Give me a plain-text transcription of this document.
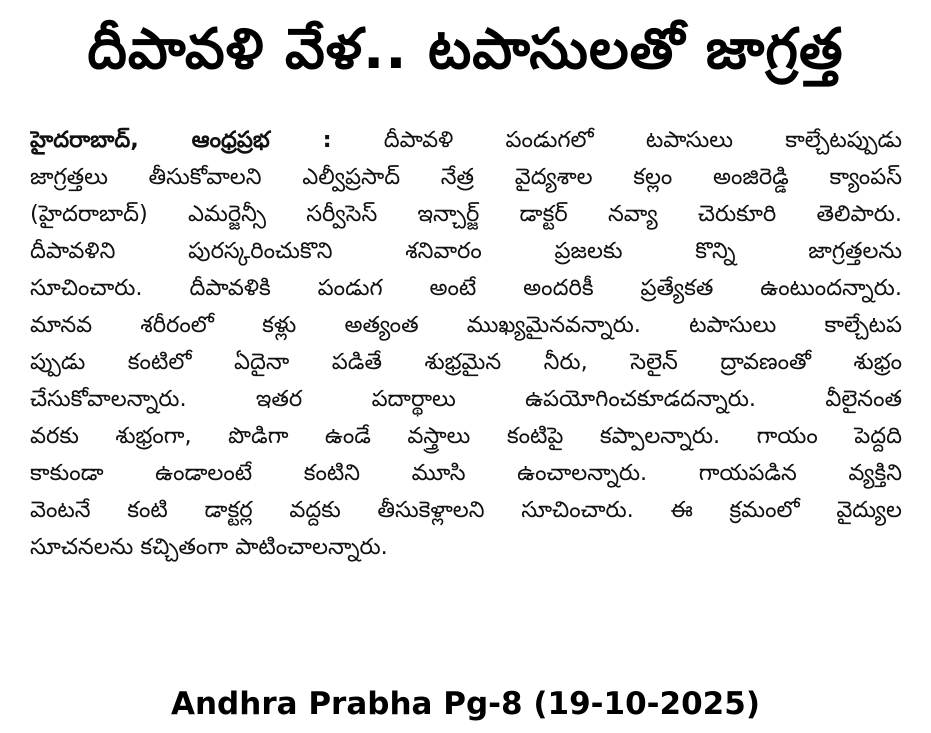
దీపావళి వేళ.. టపాసులతో జాగ్రత్త
హైదరాబాద్, ఆంధ్రప్రభ : దీపావళి పండుగలో టపాసులు కాల్చేటప్పుడు
జాగ్రత్తలు తీసుకోవాలని ఎల్వీప్రసాద్ నేత్ర వైద్యశాల కల్లం అంజిరెడ్డి క్యాంపస్
(హైదరాబాద్) ఎమర్జెన్సీ సర్వీసెస్ ఇన్చార్జ్ డాక్టర్ నవ్యా చెరుకూరి తెలిపారు.
దీపావళిని పురస్కరించుకొని శనివారం ప్రజలకు కొన్ని జాగ్రత్తలను
సూచించారు. దీపావళికి పండుగ అంటే అందరికీ ప్రత్యేకత ఉంటుందన్నారు.
మానవ శరీరంలో కళ్లు అత్యంత ముఖ్యమైనవన్నారు. టపాసులు కాల్చేటప
ప్పుడు కంటిలో ఏదైనా పడితే శుభ్రమైన నీరు, సెలైన్ ద్రావణంతో శుభ్రం
చేసుకోవాలన్నారు. ఇతర పదార్థాలు ఉపయోగించకూడదన్నారు. వీలైనంత
వరకు శుభ్రంగా, పొడిగా ఉండే వస్త్రాలు కంటిపై కప్పాలన్నారు. గాయం పెద్దది
కాకుండా ఉండాలంటే కంటిని మూసి ఉంచాలన్నారు. గాయపడిన వ్యక్తిని
వెంటనే కంటి డాక్టర్ల వద్దకు తీసుకెళ్లాలని సూచించారు. ఈ క్రమంలో వైద్యుల
సూచనలను కచ్చితంగా పాటించాలన్నారు.
Andhra Prabha Pg-8 (19-10-2025)
